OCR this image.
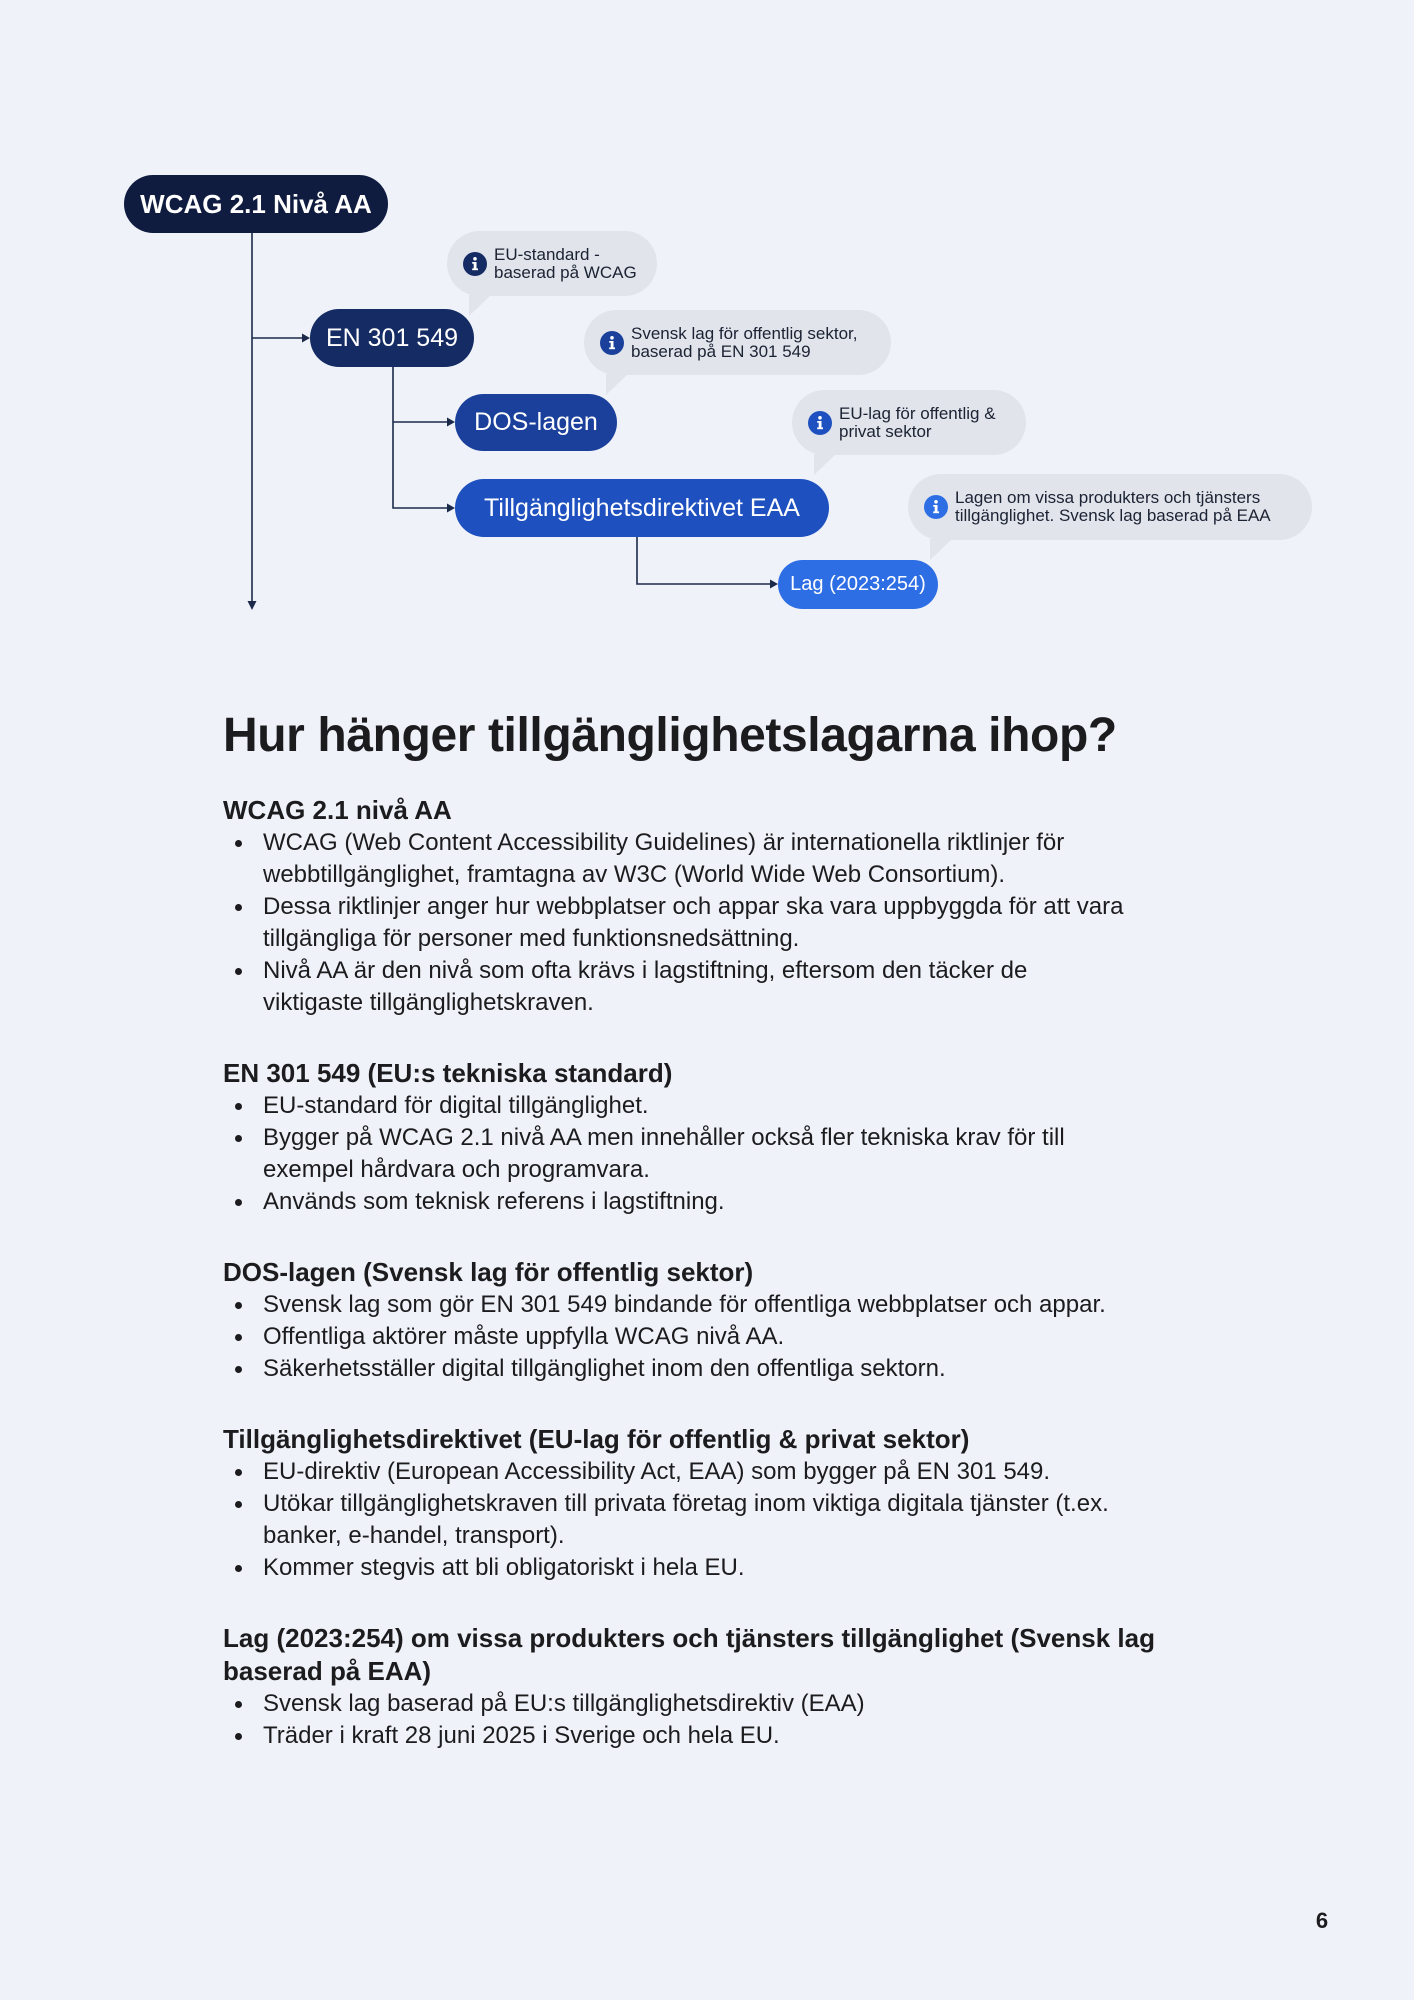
WCAG 2.1 Nivå AA
EN 301 549
DOS-lagen
Tillgänglighetsdirektivet EAA
Lag (2023:254)
EU-standard -
baserad på WCAG
Svensk lag för offentlig sektor,
baserad på EN 301 549
EU-lag för offentlig &
privat sektor
Lagen om vissa produkters och tjänsters
tillgänglighet. Svensk lag baserad på EAA
Hur hänger tillgänglighetslagarna ihop?
WCAG 2.1 nivå AA
WCAG (Web Content Accessibility Guidelines) är internationella riktlinjer för
webbtillgänglighet, framtagna av W3C (World Wide Web Consortium).
Dessa riktlinjer anger hur webbplatser och appar ska vara uppbyggda för att vara
tillgängliga för personer med funktionsnedsättning.
Nivå AA är den nivå som ofta krävs i lagstiftning, eftersom den täcker de
viktigaste tillgänglighetskraven.
EN 301 549 (EU:s tekniska standard)
EU-standard för digital tillgänglighet.
Bygger på WCAG 2.1 nivå AA men innehåller också fler tekniska krav för till
exempel hårdvara och programvara.
Används som teknisk referens i lagstiftning.
DOS-lagen (Svensk lag för offentlig sektor)
Svensk lag som gör EN 301 549 bindande för offentliga webbplatser och appar.
Offentliga aktörer måste uppfylla WCAG nivå AA.
Säkerhetsställer digital tillgänglighet inom den offentliga sektorn.
Tillgänglighetsdirektivet (EU-lag för offentlig & privat sektor)
EU-direktiv (European Accessibility Act, EAA) som bygger på EN 301 549.
Utökar tillgänglighetskraven till privata företag inom viktiga digitala tjänster (t.ex.
banker, e-handel, transport).
Kommer stegvis att bli obligatoriskt i hela EU.
Lag (2023:254) om vissa produkters och tjänsters tillgänglighet (Svensk lag
baserad på EAA)
Svensk lag baserad på EU:s tillgänglighetsdirektiv (EAA)
Träder i kraft 28 juni 2025 i Sverige och hela EU.
6
